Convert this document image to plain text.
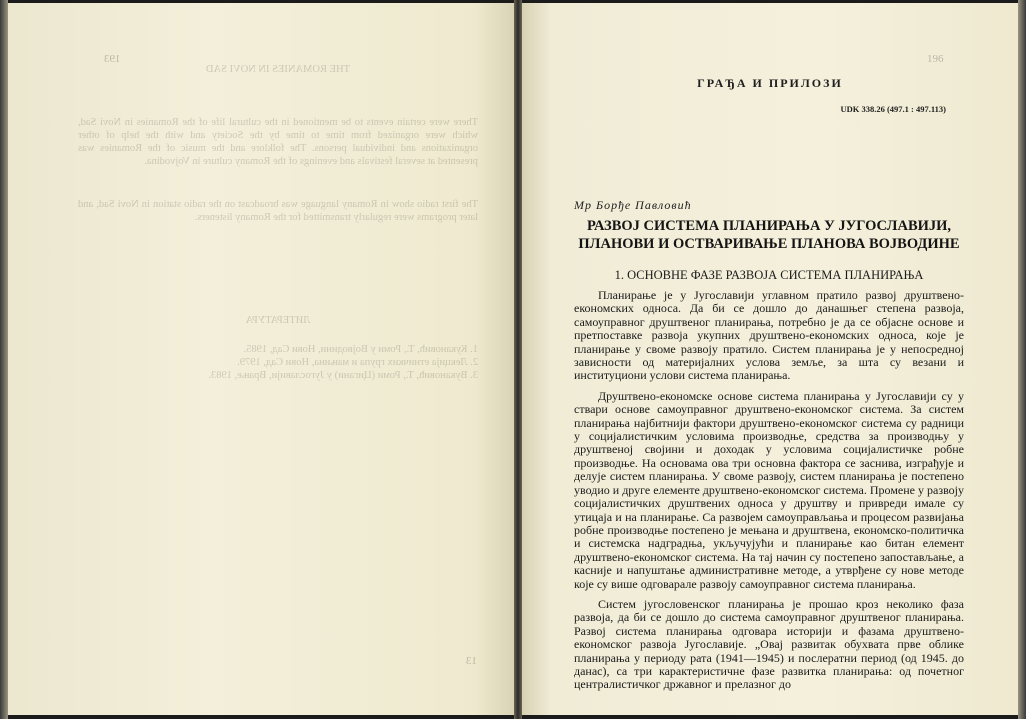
193

ТНЕ ROMANIES IN NOVI SAD

There were certain events to be mentioned in the cultural life of the Romanies in Novi Sad, which were organized from time to time by the Society and with the help of other organizations and individual persons. The folklore and the music of the Romanies was presented at several festivals and evenings of the Romany culture in Vojvodina.

The first radio show in Romany language was broadcast on the radio station in Novi Sad, and later programs were regularly transmitted for the Romany listeners.

ЛИТЕРАТУРА

1. Кукановић, Т., Роми у Војводини, Нови Сад, 1985.

2. Лекција етничких група и мањина, Нови Сад, 1979.

3. Вукановић, Т., Роми (Цигани) у Југославији, Врање, 1983.

13
196
ГРАЂА И ПРИЛОЗИ
UDK 338.26 (497.1 : 497.113)
Мр Борђе Павловић
РАЗВОЈ СИСТЕМА ПЛАНИРАЊА У ЈУГОСЛАВИЈИ,
ПЛАНОВИ И ОСТВАРИВАЊЕ ПЛАНОВА ВОЈВОДИНЕ
1. ОСНОВНЕ ФАЗЕ РАЗВОЈА СИСТЕМА ПЛАНИРАЊА

Планирање је у Југославији углавном пратило развој друштвено-економских односа. Да би се дошло до данашњег степена развоја, самоуправног друштвеног планирања, потребно је да се објасне основе и претпоставке развоја укупних друштвено-економских односа, које је планирање у своме развоју пратило. Систем планирања је у непосредној зависности од материјалних услова земље, за шта су везани и институциони услови система планирања.

Друштвено-економске основе система планирања у Југославији су у ствари основе самоуправног друштвено-економског система. За систем планирања најбитнији фактори друштвено-економског система су радници у социјалистичким условима производње, средства за производњу у друштвеној својини и доходак у условима социјалистичке робне производње. На основама ова три основна фактора се заснива, изграђује и делује систем планирања. У своме развоју, систем планирања је постепено уводио и друге елементе друштвено-економског система. Промене у развоју социјалистичких друштвених односа у друштву и привреди имале су утицаја и на планирање. Са развојем самоуправљања и процесом развијања робне производње постепено је мењана и друштвена, економско-политичка и системска надградња, укључујући и планирање као битан елемент друштвено-економског система. На тај начин су постепено запостављање, а касније и напуштање административне методе, а утврђене су нове методе које су више одговарале развоју самоуправног система планирања.

Систем југословенског планирања је прошао кроз неколико фаза развоја, да би се дошло до система самоуправног друштвеног планирања. Развој система планирања одговара историји и фазама друштвено-економског развоја Југославије. „Овај развитак обухвата прве облике планирања у периоду рата (1941—1945) и послератни период (од 1945. до данас), са три карактеристичне фазе развитка планирања: од почетног централистичког државног и прелазног до
